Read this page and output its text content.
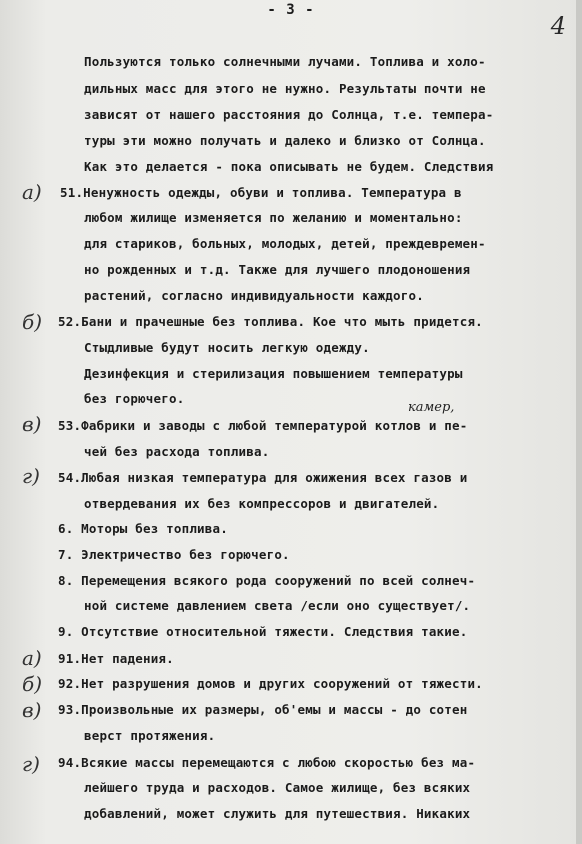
- 3 -
4
Пользуются только солнечными лучами. Топлива и холо-
дильных масс для этого не нужно. Результаты почти не
зависят от нашего расстояния до Солнца, т.е. темпера-
туры эти можно получать и далеко и близко от Солнца.
Как это делается - пока описывать не будем. Следствия
51.Ненужность одежды, обуви и топлива. Температура в
любом жилище изменяется по желанию и моментально:
для стариков, больных, молодых, детей, преждевремен-
но рожденных и т.д. Также для лучшего плодоношения
растений, согласно индивидуальности каждого.
52.Бани и прачешные без топлива. Кое что мыть придется.
Стыдливые будут носить легкую одежду.
Дезинфекция и стерилизация повышением температуры
без горючего.
53.Фабрики и заводы с любой температурой котлов и пе-
чей без расхода топлива.
54.Любая низкая температура для ожижения всех газов и
отвердевания их без компрессоров и двигателей.
6. Моторы без топлива.
7. Электричество без горючего.
8. Перемещения всякого рода сооружений по всей солнеч-
ной системе давлением света /если оно существует/.
9. Отсутствие относительной тяжести. Следствия такие.
91.Нет падения.
92.Нет разрушения домов и других сооружений от тяжести.
93.Произвольные их размеры, об'емы и массы - до сотен
верст протяжения.
94.Всякие массы перемещаются с любою скоростью без ма-
лейшего труда и расходов. Самое жилище, без всяких
добавлений, может служить для путешествия. Никаких
а)
б)
в)
г)
а)
б)
в)
г)
камер,
